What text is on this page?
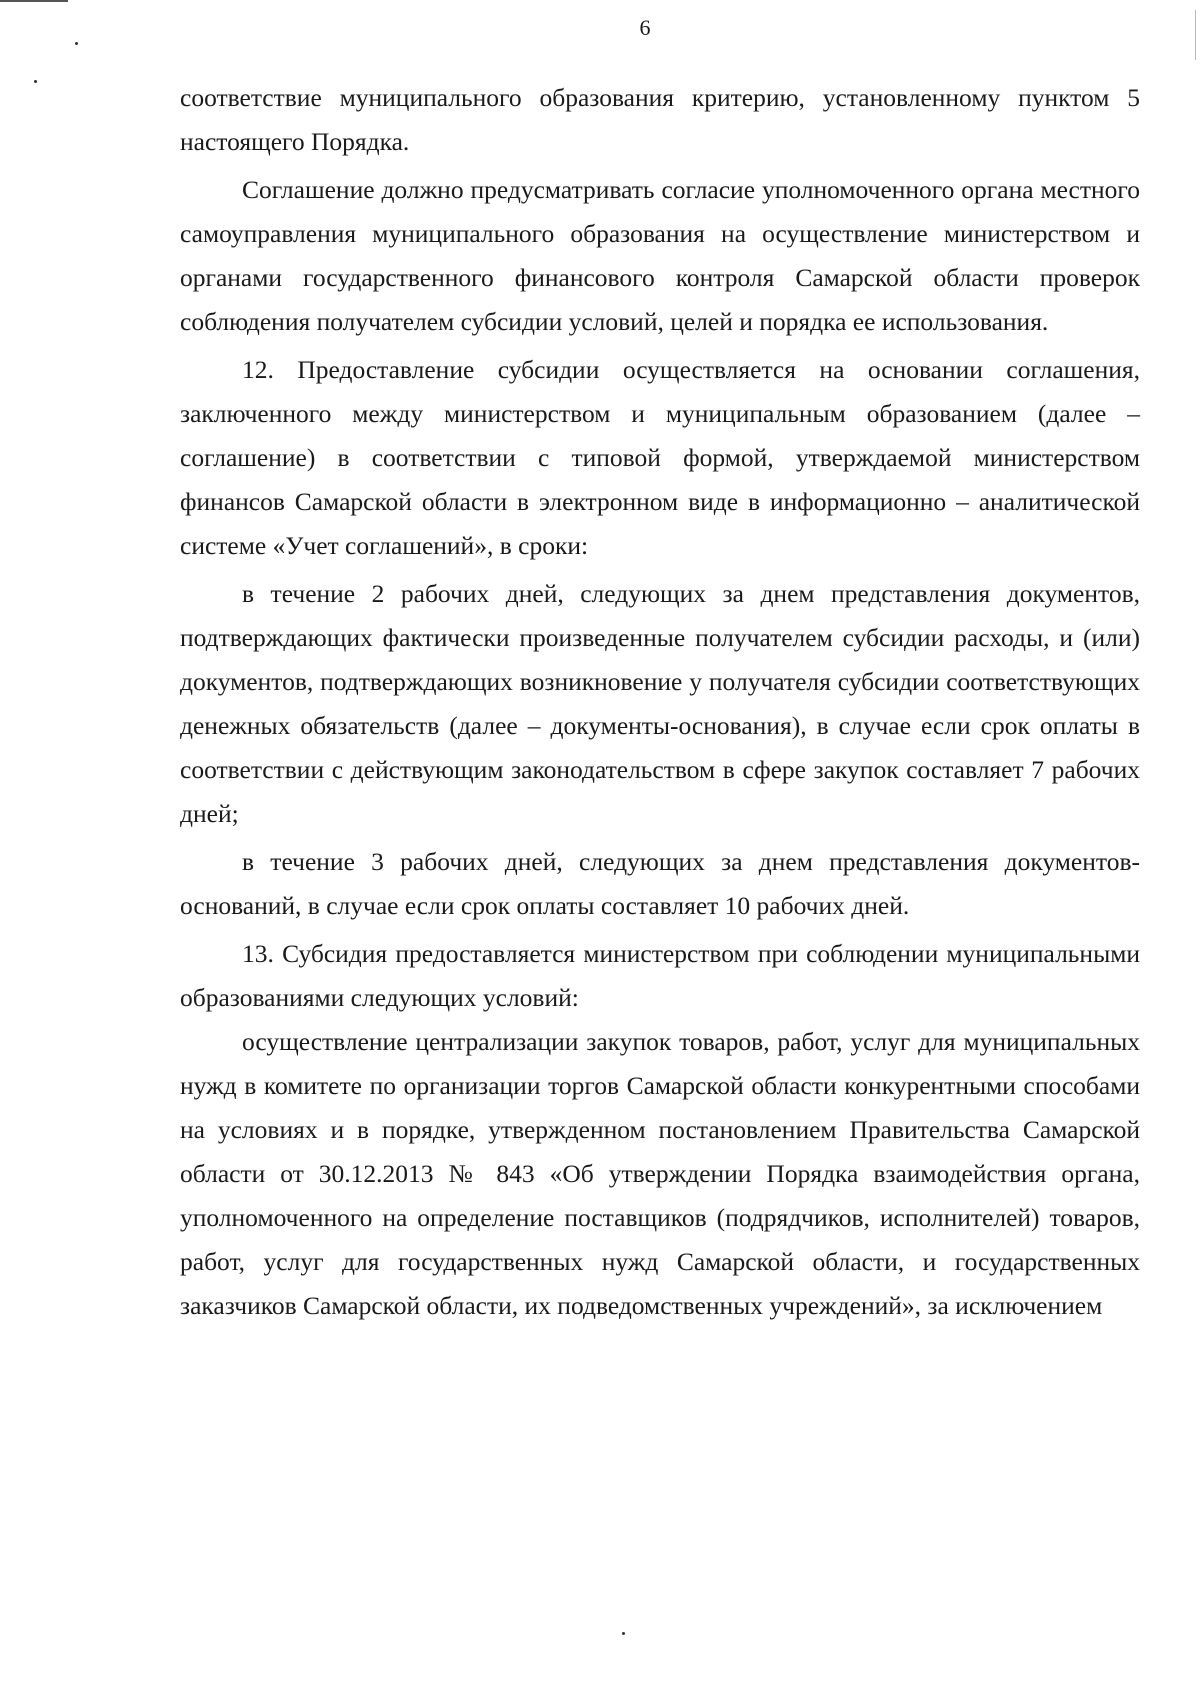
6

соответствие муниципального образования критерию, установленному пунктом 5 настоящего Порядка.

Соглашение должно предусматривать согласие уполномоченного органа местного самоуправления муниципального образования на осуществление министерством и органами государственного финансового контроля Самарской области проверок соблюдения получателем субсидии условий, целей и порядка ее использования.

12. Предоставление субсидии осуществляется на основании соглашения, заключенного между министерством и муниципальным образованием (далее – соглашение) в соответствии с типовой формой, утверждаемой министерством финансов Самарской области в электронном виде в информационно – аналитической системе «Учет соглашений», в сроки:

в течение 2 рабочих дней, следующих за днем представления документов, подтверждающих фактически произведенные получателем субсидии расходы, и (или) документов, подтверждающих возникновение у получателя субсидии соответствующих денежных обязательств (далее – документы-основания), в случае если срок оплаты в соответствии с действующим законодательством в сфере закупок составляет 7 рабочих дней;

в течение 3 рабочих дней, следующих за днем представления документов-оснований, в случае если срок оплаты составляет 10 рабочих дней.

13. Субсидия предоставляется министерством при соблюдении муниципальными образованиями следующих условий:

осуществление централизации закупок товаров, работ, услуг для муниципальных нужд в комитете по организации торгов Самарской области конкурентными способами на условиях и в порядке, утвержденном постановлением Правительства Самарской области от 30.12.2013 № 843 «Об утверждении Порядка взаимодействия органа, уполномоченного на определение поставщиков (подрядчиков, исполнителей) товаров, работ, услуг для государственных нужд Самарской области, и государственных заказчиков Самарской области, их подведомственных учреждений», за исключением
